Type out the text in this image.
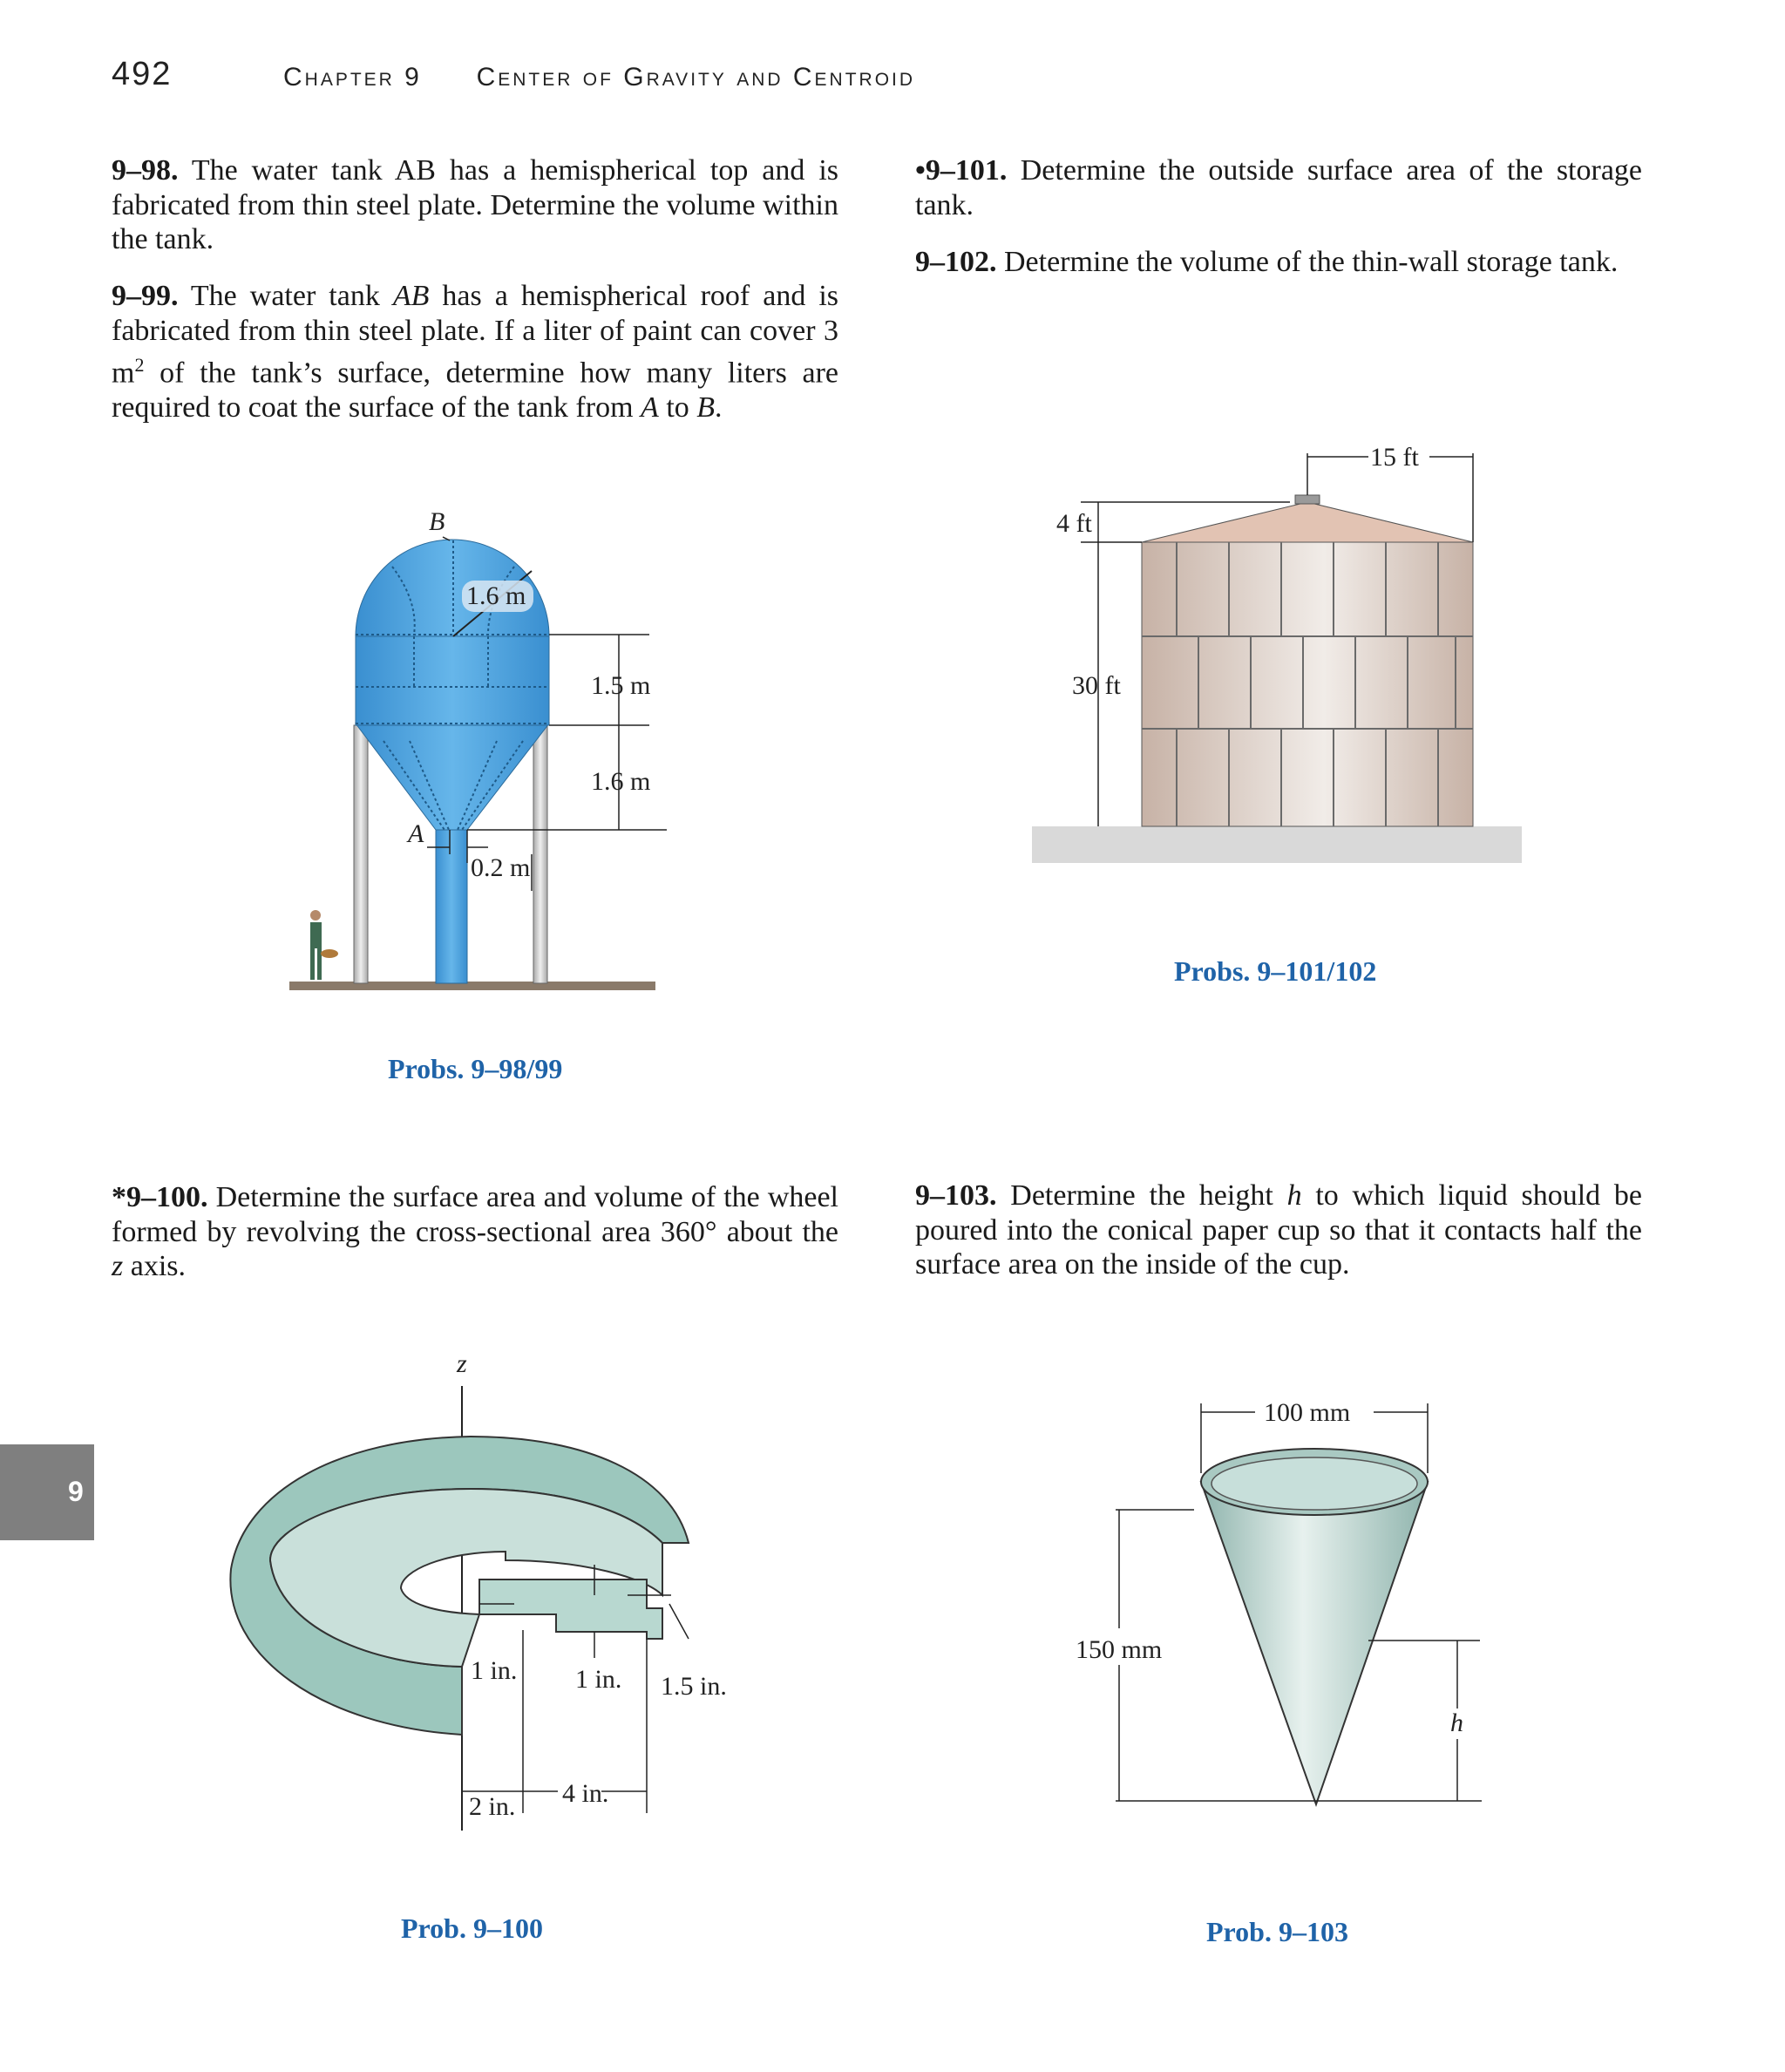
492	Chapter 9 Center of Gravity and Centroid
9–98. The water tank AB has a hemispherical top and is fabricated from thin steel plate. Determine the volume within the tank.
9–99. The water tank AB has a hemispherical roof and is fabricated from thin steel plate. If a liter of paint can cover 3 $m^2$ of the tank’s surface, determine how many liters are required to coat the surface of the tank from A to B.
•9–101. Determine the outside surface area of the storage tank.
9–102. Determine the volume of the thin-wall storage tank.
*9–100. Determine the surface area and volume of the wheel formed by revolving the cross-sectional area 360° about the z axis.
9–103. Determine the height h to which liquid should be poured into the conical paper cup so that it contacts half the surface area on the inside of the cup.
9
1.6 m
B
A
1.5 m
1.6 m
0.2 m
Probs. 9–98/99
15 ft
4 ft
30 ft
Probs. 9–101/102
z
1 in. 1 in. 1.5 in.
4 in.
2 in.
Prob. 9–100
100 mm
150 mm
h
Prob. 9–103
